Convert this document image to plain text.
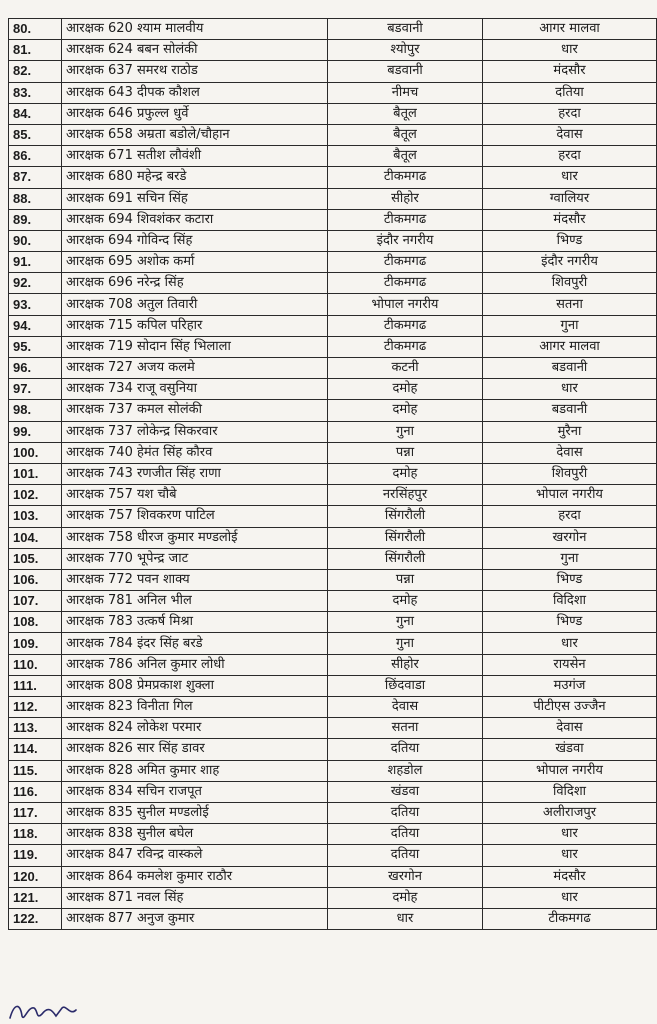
80.	आरक्षक 620 श्याम मालवीय	बडवानी	आगर मालवा
81.	आरक्षक 624 बबन सोलंकी	श्योपुर	धार
82.	आरक्षक 637 समरथ राठोड	बडवानी	मंदसौर
83.	आरक्षक 643 दीपक कौशल	नीमच	दतिया
84.	आरक्षक 646 प्रफुल्ल धुर्वे	बैतूल	हरदा
85.	आरक्षक 658 अम्रता बडोले/चौहान	बैतूल	देवास
86.	आरक्षक 671 सतीश लौवंशी	बैतूल	हरदा
87.	आरक्षक 680 महेन्द्र बरडे	टीकमगढ	धार
88.	आरक्षक 691 सचिन सिंह	सीहोर	ग्वालियर
89.	आरक्षक 694 शिवशंकर कटारा	टीकमगढ	मंदसौर
90.	आरक्षक 694 गोविन्द सिंह	इंदौर नगरीय	भिण्ड
91.	आरक्षक 695 अशोक कर्मा	टीकमगढ	इंदौर नगरीय
92.	आरक्षक 696 नरेन्द्र सिंह	टीकमगढ	शिवपुरी
93.	आरक्षक 708 अतुल तिवारी	भोपाल नगरीय	सतना
94.	आरक्षक 715 कपिल परिहार	टीकमगढ	गुना
95.	आरक्षक 719 सोदान सिंह भिलाला	टीकमगढ	आगर मालवा
96.	आरक्षक 727 अजय कलमे	कटनी	बडवानी
97.	आरक्षक 734 राजू वसुनिया	दमोह	धार
98.	आरक्षक 737 कमल सोलंकी	दमोह	बडवानी
99.	आरक्षक 737 लोकेन्द्र सिकरवार	गुना	मुरैना
100.	आरक्षक 740 हेमंत सिंह कौरव	पन्ना	देवास
101.	आरक्षक 743 रणजीत सिंह राणा	दमोह	शिवपुरी
102.	आरक्षक 757 यश चौबे	नरसिंहपुर	भोपाल नगरीय
103.	आरक्षक 757 शिवकरण पाटिल	सिंगरौली	हरदा
104.	आरक्षक 758 धीरज कुमार मण्डलोई	सिंगरौली	खरगोन
105.	आरक्षक 770 भूपेन्द्र जाट	सिंगरौली	गुना
106.	आरक्षक 772 पवन शाक्य	पन्ना	भिण्ड
107.	आरक्षक 781 अनिल भील	दमोह	विदिशा
108.	आरक्षक 783 उत्कर्ष मिश्रा	गुना	भिण्ड
109.	आरक्षक 784 इंदर सिंह बरडे	गुना	धार
110.	आरक्षक 786 अनिल कुमार लोधी	सीहोर	रायसेन
111.	आरक्षक 808 प्रेमप्रकाश शुक्ला	छिंदवाडा	मउगंज
112.	आरक्षक 823 विनीता गिल	देवास	पीटीएस उज्जैन
113.	आरक्षक 824 लोकेश परमार	सतना	देवास
114.	आरक्षक 826 सार सिंह डावर	दतिया	खंडवा
115.	आरक्षक 828 अमित कुमार शाह	शहडोल	भोपाल नगरीय
116.	आरक्षक 834 सचिन राजपूत	खंडवा	विदिशा
117.	आरक्षक 835 सुनील मण्डलोई	दतिया	अलीराजपुर
118.	आरक्षक 838 सुनील बघेल	दतिया	धार
119.	आरक्षक 847 रविन्द्र वास्कले	दतिया	धार
120.	आरक्षक 864 कमलेश कुमार राठौर	खरगोन	मंदसौर
121.	आरक्षक 871 नवल सिंह	दमोह	धार
122.	आरक्षक 877 अनुज कुमार	धार	टीकमगढ
